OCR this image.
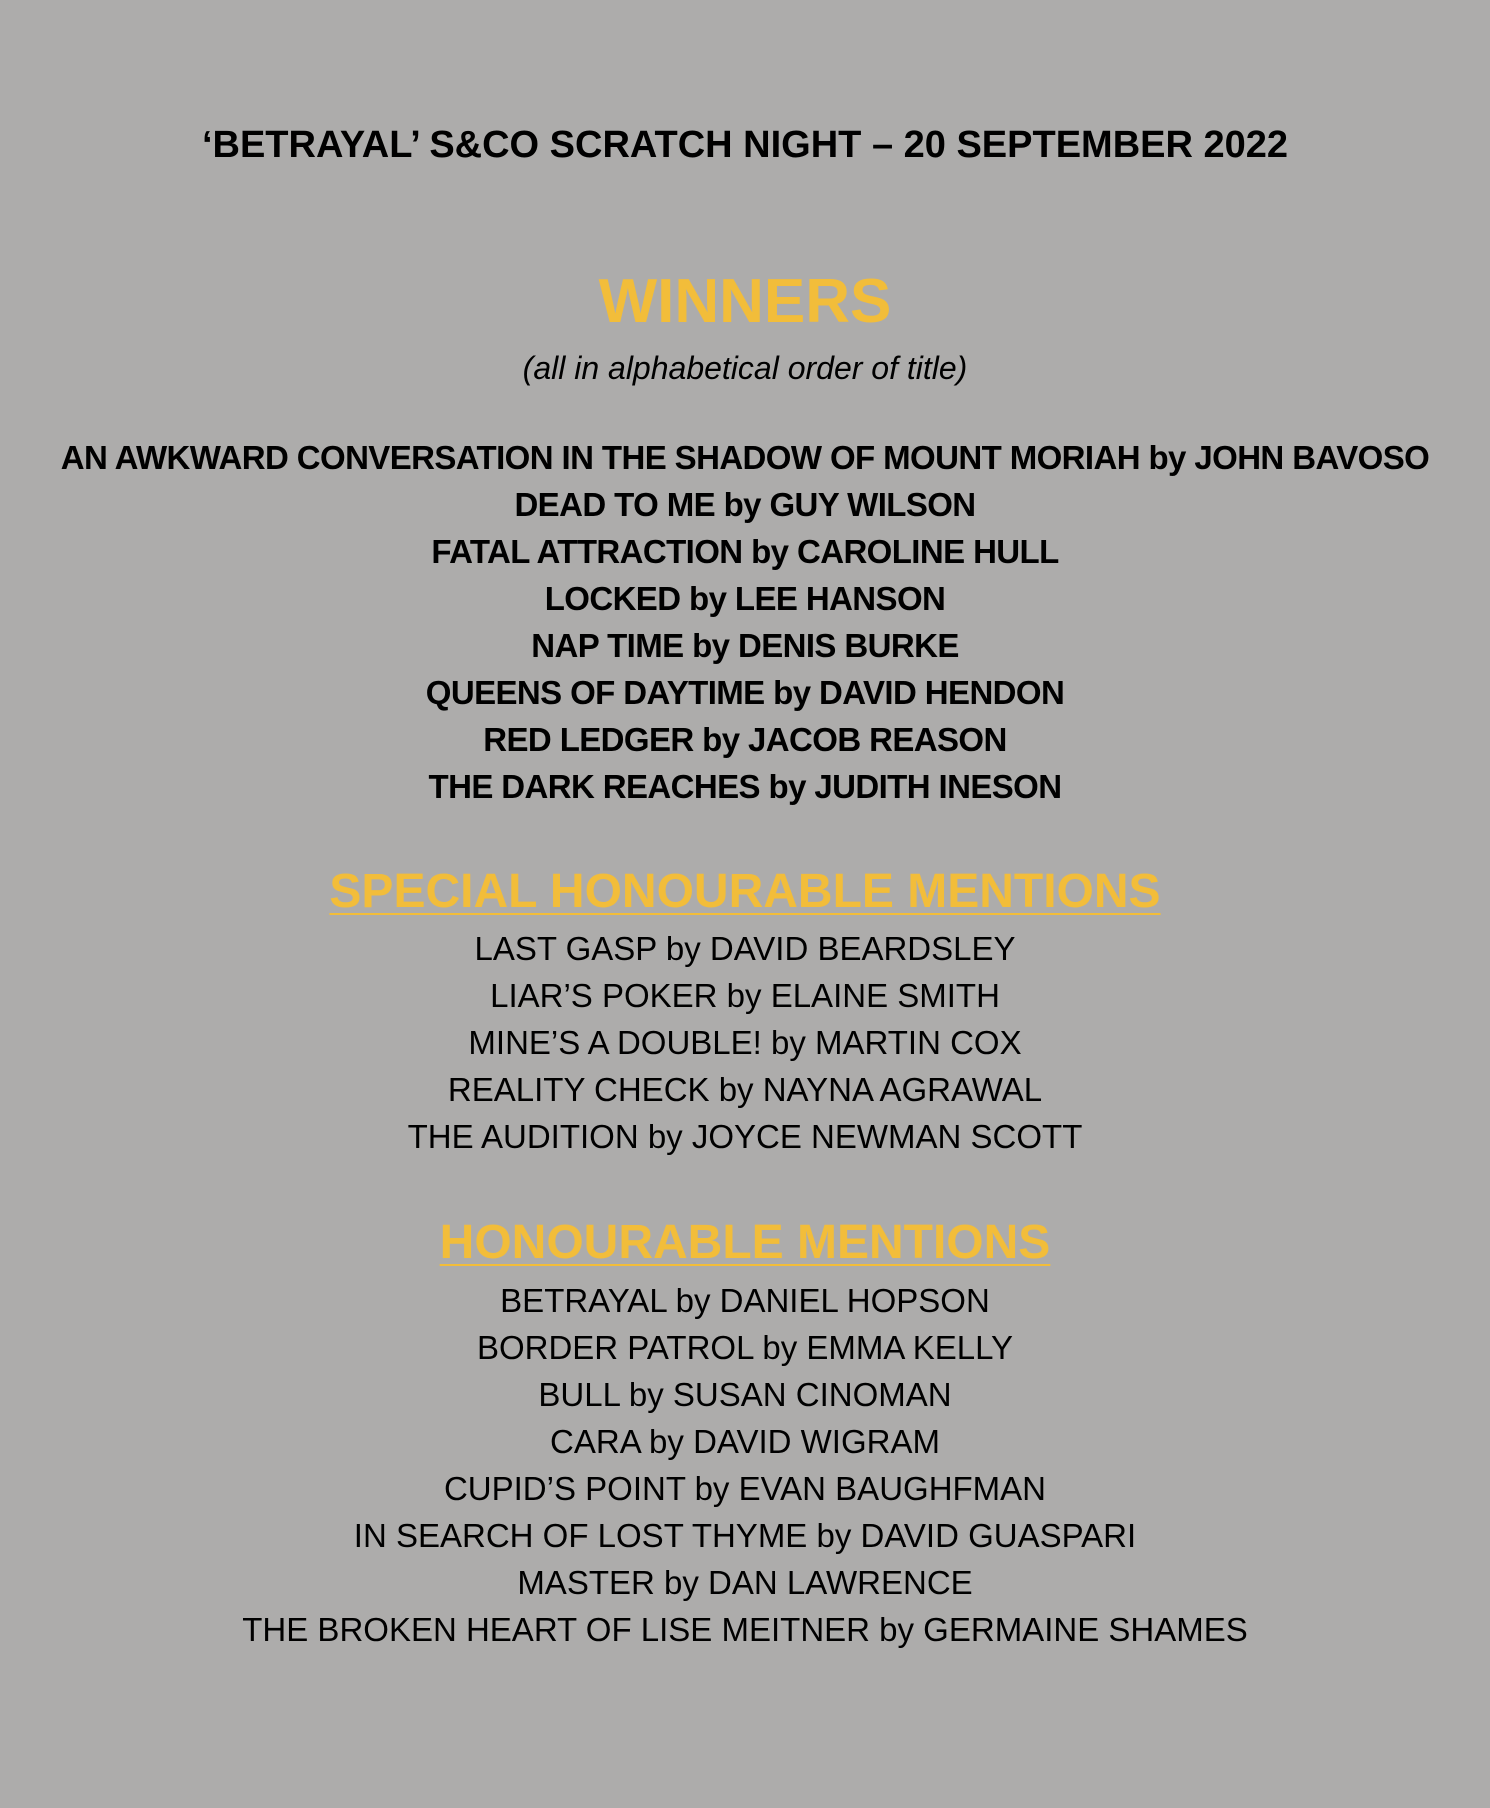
‘BETRAYAL’ S&CO SCRATCH NIGHT – 20 SEPTEMBER 2022
WINNERS

(all in alphabetical order of title)

AN AWKWARD CONVERSATION IN THE SHADOW OF MOUNT MORIAH by JOHN BAVOSO
DEAD TO ME by GUY WILSON
FATAL ATTRACTION by CAROLINE HULL
LOCKED by LEE HANSON
NAP TIME by DENIS BURKE
QUEENS OF DAYTIME by DAVID HENDON
RED LEDGER by JACOB REASON
THE DARK REACHES by JUDITH INESON
SPECIAL HONOURABLE MENTIONS
LAST GASP by DAVID BEARDSLEY
LIAR’S POKER by ELAINE SMITH
MINE’S A DOUBLE! by MARTIN COX
REALITY CHECK by NAYNA AGRAWAL
THE AUDITION by JOYCE NEWMAN SCOTT
HONOURABLE MENTIONS
BETRAYAL by DANIEL HOPSON
BORDER PATROL by EMMA KELLY
BULL by SUSAN CINOMAN
CARA by DAVID WIGRAM
CUPID’S POINT by EVAN BAUGHFMAN
IN SEARCH OF LOST THYME by DAVID GUASPARI
MASTER by DAN LAWRENCE
THE BROKEN HEART OF LISE MEITNER by GERMAINE SHAMES
